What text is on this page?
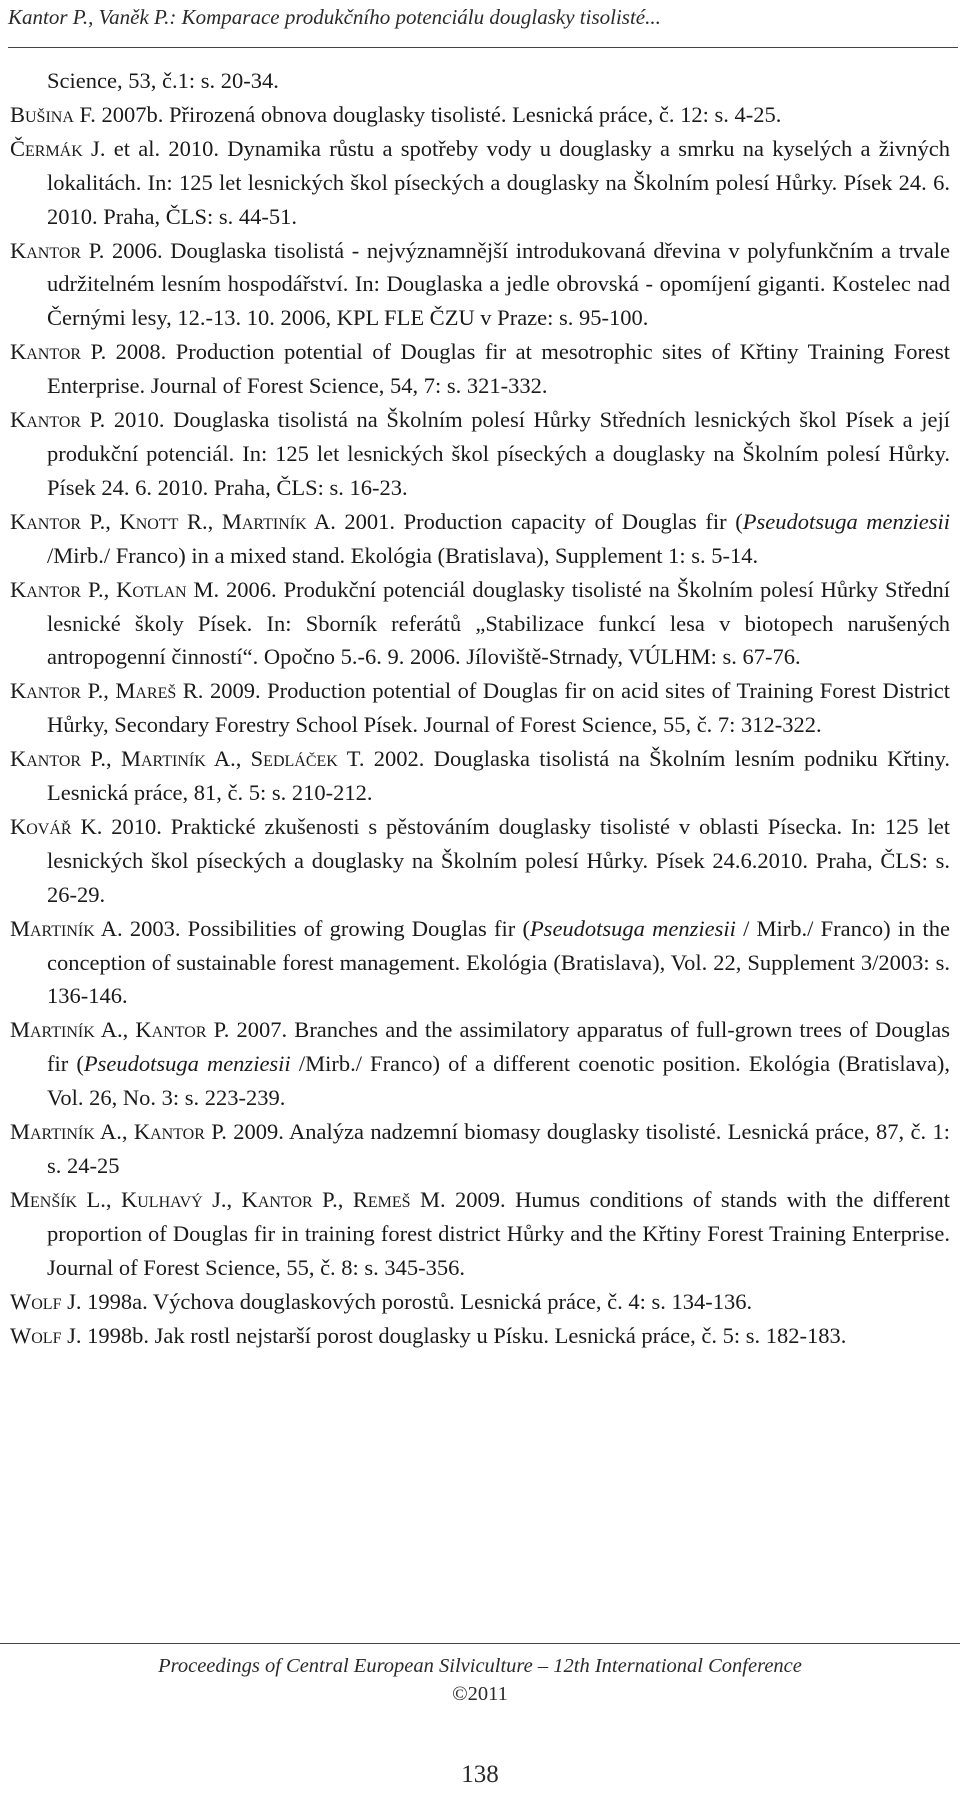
Kantor P., Vaněk P.: Komparace produkčního potenciálu douglasky tisolisté...

Science, 53, č.1: s. 20-34.

Bušina F. 2007b. Přirozená obnova douglasky tisolisté. Lesnická práce, č. 12: s. 4-25.

Čermák J. et al. 2010. Dynamika růstu a spotřeby vody u douglasky a smrku na kyselých a živných lokalitách. In: 125 let lesnických škol píseckých a douglasky na Školním polesí Hůrky. Písek 24. 6. 2010. Praha, ČLS: s. 44-51.

Kantor P. 2006. Douglaska tisolistá - nejvýznamnější introdukovaná dřevina v polyfunkčním a trvale udržitelném lesním hospodářství. In: Douglaska a jedle obrovská - opomíjení giganti. Kostelec nad Černými lesy, 12.-13. 10. 2006, KPL FLE ČZU v Praze: s. 95-100.

Kantor P. 2008. Production potential of Douglas fir at mesotrophic sites of Křtiny Training Forest Enterprise. Journal of Forest Science, 54, 7: s. 321-332.

Kantor P. 2010. Douglaska tisolistá na Školním polesí Hůrky Středních lesnických škol Písek a její produkční potenciál. In: 125 let lesnických škol píseckých a douglasky na Školním polesí Hůrky. Písek 24. 6. 2010. Praha, ČLS: s. 16-23.

Kantor P., Knott R., Martiník A. 2001. Production capacity of Douglas fir (Pseudotsuga menziesii /Mirb./ Franco) in a mixed stand. Ekológia (Bratislava), Supplement 1: s. 5-14.

Kantor P., Kotlan M. 2006. Produkční potenciál douglasky tisolisté na Školním polesí Hůrky Střední lesnické školy Písek. In: Sborník referátů „Stabilizace funkcí lesa v biotopech narušených antropogenní činností“. Opočno 5.-6. 9. 2006. Jíloviště-Strnady, VÚLHM: s. 67-76.

Kantor P., Mareš R. 2009. Production potential of Douglas fir on acid sites of Training Forest District Hůrky, Secondary Forestry School Písek. Journal of Forest Science, 55, č. 7: 312-322.

Kantor P., Martiník A., Sedláček T. 2002. Douglaska tisolistá na Školním lesním podniku Křtiny. Lesnická práce, 81, č. 5: s. 210-212.

Kovář K. 2010. Praktické zkušenosti s pěstováním douglasky tisolisté v oblasti Písecka. In: 125 let lesnických škol píseckých a douglasky na Školním polesí Hůrky. Písek 24.6.2010. Praha, ČLS: s. 26-29.

Martiník A. 2003. Possibilities of growing Douglas fir (Pseudotsuga menziesii / Mirb./ Franco) in the conception of sustainable forest management. Ekológia (Bratislava), Vol. 22, Supplement 3/2003: s. 136-146.

Martiník A., Kantor P. 2007. Branches and the assimilatory apparatus of full-grown trees of Douglas fir (Pseudotsuga menziesii /Mirb./ Franco) of a different coenotic position. Ekológia (Bratislava), Vol. 26, No. 3: s. 223-239.

Martiník A., Kantor P. 2009. Analýza nadzemní biomasy douglasky tisolisté. Lesnická práce, 87, č. 1: s. 24-25

Menšík L., Kulhavý J., Kantor P., Remeš M. 2009. Humus conditions of stands with the different proportion of Douglas fir in training forest district Hůrky and the Křtiny Forest Training Enterprise. Journal of Forest Science, 55, č. 8: s. 345-356.

Wolf J. 1998a. Výchova douglaskových porostů. Lesnická práce, č. 4: s. 134-136.

Wolf J. 1998b. Jak rostl nejstarší porost douglasky u Písku. Lesnická práce, č. 5: s. 182-183.

Proceedings of Central European Silviculture – 12th International Conference
©2011
138
